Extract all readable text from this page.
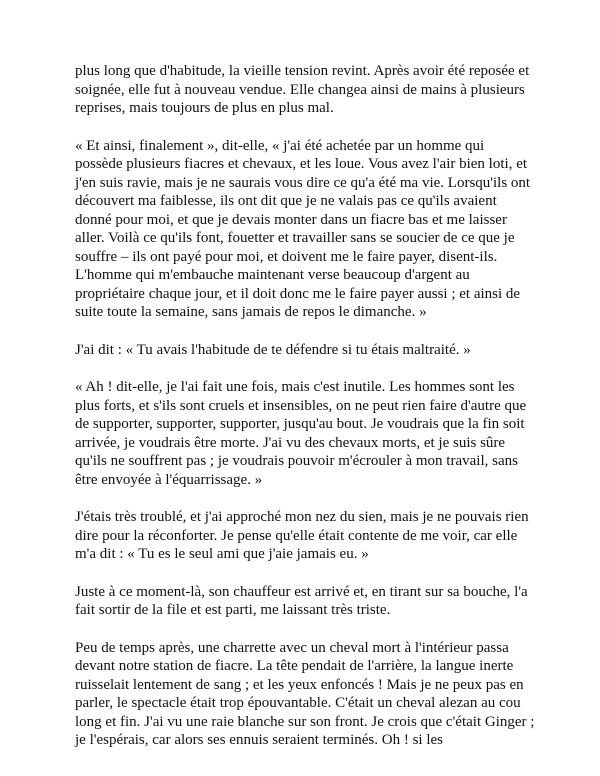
plus long que d'habitude, la vieille tension revint. Après avoir été reposée et soignée, elle fut à nouveau vendue. Elle changea ainsi de mains à plusieurs reprises, mais toujours de plus en plus mal.

« Et ainsi, finalement », dit-elle, « j'ai été achetée par un homme qui possède plusieurs fiacres et chevaux, et les loue. Vous avez l'air bien loti, et j'en suis ravie, mais je ne saurais vous dire ce qu'a été ma vie. Lorsqu'ils ont découvert ma faiblesse, ils ont dit que je ne valais pas ce qu'ils avaient donné pour moi, et que je devais monter dans un fiacre bas et me laisser aller. Voilà ce qu'ils font, fouetter et travailler sans se soucier de ce que je souffre – ils ont payé pour moi, et doivent me le faire payer, disent-ils. L'homme qui m'embauche maintenant verse beaucoup d'argent au propriétaire chaque jour, et il doit donc me le faire payer aussi ; et ainsi de suite toute la semaine, sans jamais de repos le dimanche. »

J'ai dit : « Tu avais l'habitude de te défendre si tu étais maltraité. »

« Ah ! dit-elle, je l'ai fait une fois, mais c'est inutile. Les hommes sont les plus forts, et s'ils sont cruels et insensibles, on ne peut rien faire d'autre que de supporter, supporter, supporter, jusqu'au bout. Je voudrais que la fin soit arrivée, je voudrais être morte. J'ai vu des chevaux morts, et je suis sûre qu'ils ne souffrent pas ; je voudrais pouvoir m'écrouler à mon travail, sans être envoyée à l'équarrissage. »

J'étais très troublé, et j'ai approché mon nez du sien, mais je ne pouvais rien dire pour la réconforter. Je pense qu'elle était contente de me voir, car elle m'a dit : « Tu es le seul ami que j'aie jamais eu. »

Juste à ce moment-là, son chauffeur est arrivé et, en tirant sur sa bouche, l'a fait sortir de la file et est parti, me laissant très triste.

Peu de temps après, une charrette avec un cheval mort à l'intérieur passa devant notre station de fiacre. La tête pendait de l'arrière, la langue inerte ruisselait lentement de sang ; et les yeux enfoncés ! Mais je ne peux pas en parler, le spectacle était trop épouvantable. C'était un cheval alezan au cou long et fin. J'ai vu une raie blanche sur son front. Je crois que c'était Ginger ; je l'espérais, car alors ses ennuis seraient terminés. Oh ! si les
